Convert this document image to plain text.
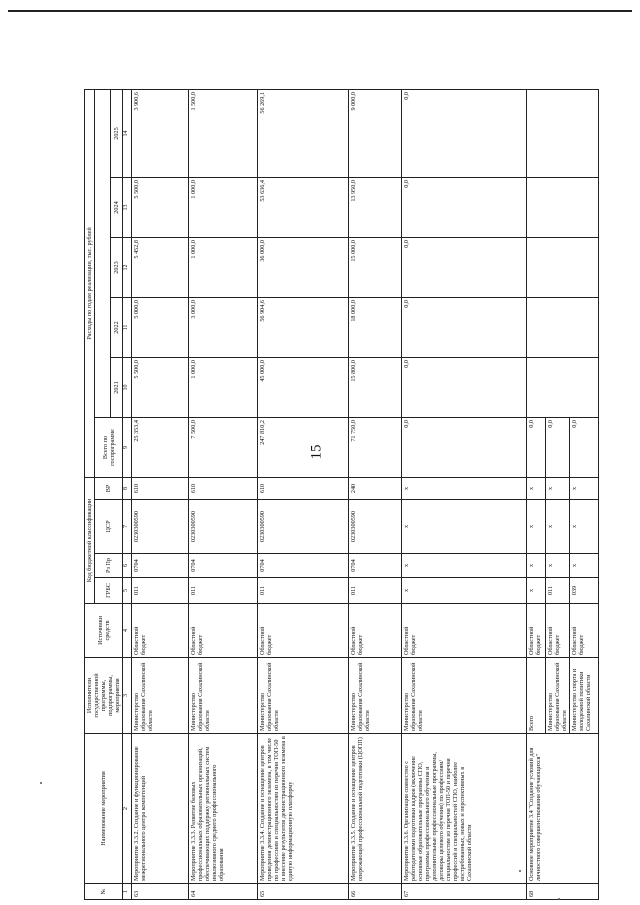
15
№	Наименование мероприятия	Исполнители государственной программы, подпрограммы, мероприятия	Источники средств	Код бюджетной классификации				Расходы по годам реализации, тыс. рублей					
				ГРБС	Рз Пр	ЦСР	ВР	Всего по госпрограмме					
									2021	2022	2023	2024	2025
1	2	3	4	5	6	7	8	9	10	11	12	13	14
63	Мероприятие 3.3.2. Создание и функционирование межрегионального центра компетенций	Министерство образования Сахалинской области	Областной бюджет	011	0704	0230300590	610	25 353,4	5 500,0	5 000,0	5 452,8	5 500,0	3 900,6
64	Мероприятие 3.3.3. Развитие базовых профессиональных образовательных организаций, обеспечивающих поддержку региональных систем инклюзивного среднего профессионального образования	Министерство образования Сахалинской области	Областной бюджет	011	0704	0230300590	610	7 500,0	1 000,0	3 000,0	1 000,0	1 000,0	1 500,0
65	Мероприятие 3.3.4. Создание и оснащение центров проведения демонстрационного экзамена, в том числе по профессиям и специальностям из перечня ТОП-50 и внесение результатов демонстрационного экзамена в единую информационную платформу	Министерство образования Сахалинской области	Областной бюджет	011	0704	0230300590	610	247 810,2	45 000,0	56 904,6	36 000,0	53 636,4	56 269,1
66	Мероприятие 3.3.5. Создание и оснащение центров опережающей профессиональной подготовки (ЦОПП)	Министерство образования Сахалинской области	Областной бюджет	011	0704	0230300590	240	71 750,0	15 800,0	18 000,0	15 000,0	13 950,0	9 000,0
67	Мероприятие 3.3.6. Организация совместно с работодателями подготовки кадров (включение основные образовательные программы СПО, программы профессионального обучения и дополнительные профессиональные программы, договоры целевого обучения) по профессиям/специальностям из перечня ТОП-50 и перечня профессий и специальностей СПО, наиболее востребованных, новых и перспективных в Сахалинской области	Министерство образования Сахалинской области	Областной бюджет	х	х	х	х	0,0	0,0	0,0	0,0	0,0	0,0
68	Основное мероприятие 3.4 "Создание условий для личностного совершенствования обучающихся"	Всего	Областной бюджет	х	х	х	х	0,0					
		Министерство образования Сахалинской области	Областной бюджет	011	х	х	х	0,0					
		Министерство спорта и молодежной политики Сахалинской области	Областной бюджет	039	х	х	х	0,0					
